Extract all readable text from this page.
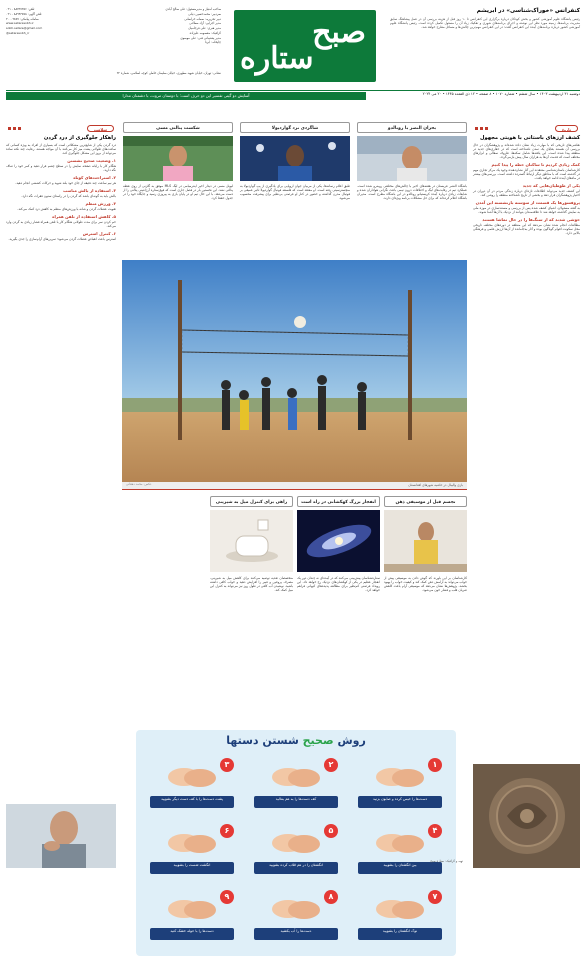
کنفرانس «خوراک‌شناسی» در ابریشم

رئیس پانشگاه علوم آموزشی کشور و بخش کودکان درباره برگزاری این کنفرانس تا ۱۰ روز قبل از هزینه بررسی آن در عمل پیشاهنگ سابق مدیریت برنامه‌ها، زمینه مورد نظر این نوشته و اجرای برنامه‌های شهری و تفکیک زیاد آن را مسئول تکمیل کرده است. رئیس پانشگاه علوم آموزشی کشور درباره برنامه‌های آینده این کنفرانس گفت: در این کنفرانس مهم‌ترین چالش‌ها و مسائل مطرح خواهد شد.

صبح
ستاره

صاحب امتیاز و مدیرمسئول: علی صالح آبادی

سردبیر: محمدحسین دیانی

دبیر تحریریه: سمانه خراسانی

مدیر اجرایی: آزاد مطاعی

مدیر هنری: علی فرجامیان

گرافیک: معصومه علیزاده

مدیر پشتیبانی فنی: علی موسوی

چاپخانه: ایرنا

تلفن: ۸۸۷۹۷۳۵۶ - ۰۲۱

تلفن آگهی: ۸۸۹۴۳۷۵۸ - ۰۲۱

سامانه پیامکی: ۳۰۰۰۹۸۷۷

www.setaresobh.ir

sobh.setare@gmail.com

@setaresobh_ir

نشانی: تهران، خیابان شهید مطهری، خیابان سلیمان خاطر، کوچه اسلامی، شماره ۲۲

دوشنبه ۳۱ اردیبهشت ۱۴۰۳ • سال ششم • شماره ۱۰۷۰ • ۸ صفحه • ۱۲ ذی القعده ۱۴۴۵ • ۲۰ می ۲۰۲۴
آسایش دو گیتی تفسیر این دو حرف است: با دوستان مروت، با دشمنان مدارا
تاریخ
کشف ارزهای باستانی با هویتی مجهول
نقاشی‌های تاریخی که با مهارت زیاد نشان داده شده‌اند و پژوهشگران در حال بررسی آن هستند بقایای یک تمدن ناشناخته است که در حفاری‌های جدید در منطقه پیدا شده است. این یافته‌ها شامل سکه‌ها، ظروف سفالی و ابزارهای مختلف است که قدمت آن‌ها به هزاران سال پیش بازمی‌گردد.
کمک زیادی کردیم تا ساکنان خطه را پیدا کنیم
کارشناسان باستان‌شناسی معتقدند این آثار نشان‌دهنده وجود یک مرکز تجاری مهم در گذشته است که با مناطق دیگر ارتباط گسترده داشته است. بررسی‌های بیشتر در ماه‌های آینده ادامه خواهد یافت.
یکی از طوطیان‌هایی که جدید
این کشف جدید می‌تواند اطلاعات تازه‌ای درباره زندگی مردم در آن دوران در اختیار پژوهشگران قرار دهد و بخشی از تاریخ ناشناخته منطقه را روشن کند.
پروفسور‌ها یک قسمت از سوسته بازنشسته این آمدن
به گفته مسئولان، اشیای کشف شده پس از بررسی و مستندسازی در موزه ملی به نمایش گذاشته خواهد شد تا علاقه‌مندان بتوانند از نزدیک با آن‌ها آشنا شوند.
خوشی شدند که از سنگ‌ها را در حال تماشا هستند
مطالعات انجام شده نشان می‌دهد که این منطقه در دوره‌های مختلف تاریخی محل سکونت اقوام گوناگون بوده و آثار به‌جامانده از آن‌ها ارزش علمی و فرهنگی بالایی دارد.
بحران النصر با رونالدو
شاگردی نزد گواردیولا
شکست پنالتی مسی
باشگاه النصر عربستان در هفته‌های اخیر با چالش‌های مختلفی روبه‌رو شده است. عملکرد تیم در رقابت‌های لیگ و اختلافات درون تیمی باعث نگرانی هواداران شده و شایعات زیادی درباره آینده کریستیانو رونالدو در این باشگاه مطرح است. مدیران باشگاه اعلام کرده‌اند که برای حل مشکلات برنامه ویژه‌ای دارند.
طبق اعلام رسانه‌ها، یکی از مربیان جوان اروپایی برای یادگیری از پپ گواردیولا به منچسترسیتی رفته است. او معتقد است که فلسفه فوتبال گواردیولا تاثیر عمیقی بر فوتبال مدرن گذاشته و حضور در کنار او فرصتی بی‌نظیر برای پیشرفت محسوب می‌شود.
لیونل مسی در دیدار اخیر اینترمیامی در لیگ MLS موفق به گلزنی از روی نقطه پنالتی نشد. این نخستین بار در فصل جاری است که فوق‌ستاره آرژانتینی پنالتی را از دست می‌دهد. با این حال تیم او در پایان بازی به پیروزی رسید و جایگاه خود را در جدول حفظ کرد.
بازی والیبال در حاشیه شهرهای افغانستان
عکس: محمد دهقانی
تجسم قبل از موسیقی ذهن
انفجار بزرگ کهکشانی در راه است
راهی برای کنترل میل به شیرینی
کارشناسان بر این باورند که گوش دادن به موسیقی پیش از خواب می‌تواند به آرامش ذهن کمک کند و کیفیت خواب را بهبود بخشد. پژوهش‌ها نشان می‌دهد که موسیقی آرام باعث کاهش ضربان قلب و فشار خون می‌شود.
ستاره‌شناسان پیش‌بینی می‌کنند که در آینده‌ای نه چندان دور یک انفجار عظیم در یکی از کهکشان‌های نزدیک رخ خواهد داد. این رویداد فرصتی کم‌نظیر برای مطالعه پدیده‌های کیهانی فراهم خواهد کرد.
متخصصان تغذیه توصیه می‌کنند برای کاهش میل به شیرینی، مصرف پروتئین و فیبر را افزایش دهید و خواب کافی داشته باشید. نوشیدن آب کافی در طول روز نیز می‌تواند به کنترل این میل کمک کند.
روش صحیح شستن دستها
۱
دست‌ها را خیس کرده و صابون بزنید
۲
کف دست‌ها را به هم بمالید
۳
پشت دست‌ها را با کف دست دیگر بشویید
۴
بین انگشتان را بشویید
۵
انگشتان را در هم قلاب کرده بشویید
۶
انگشت شست را بشویید
۷
نوک انگشتان را بشویید
۸
دست‌ها را آب بکشید
۹
دست‌ها را با حوله خشک کنید
تهیه و گرافیک: ستاره صبح
سلامت
راهکار جلوگیری از درد گردن
درد گردن یکی از شایع‌ترین مشکلاتی است که بسیاری از افراد به ویژه کسانی که ساعت‌های طولانی پشت میز کار می‌کنند با آن مواجه هستند. رعایت چند نکته ساده می‌تواند از بروز این مشکل جلوگیری کند.
۱. وضعیت صحیح نشستن
هنگام کار با رایانه صفحه نمایش را در سطح چشم قرار دهید و کمر خود را صاف نگه دارید.
۲. استراحت‌های کوتاه
هر نیم ساعت چند دقیقه از جای خود بلند شوید و حرکات کششی انجام دهید.
۳. استفاده از بالش مناسب
بالش باید به گونه‌ای باشد که گردن را در راستای ستون فقرات نگه دارد.
۴. ورزش منظم
تقویت عضلات گردن و شانه با ورزش‌های منظم به کاهش درد کمک می‌کند.
۵. کاهش استفاده از تلفن همراه
خم کردن سر برای مدت طولانی هنگام کار با تلفن همراه فشار زیادی به گردن وارد می‌کند.
۶. کنترل استرس
استرس باعث انقباض عضلات گردن می‌شود؛ تمرین‌های آرام‌سازی را جدی بگیرید.
